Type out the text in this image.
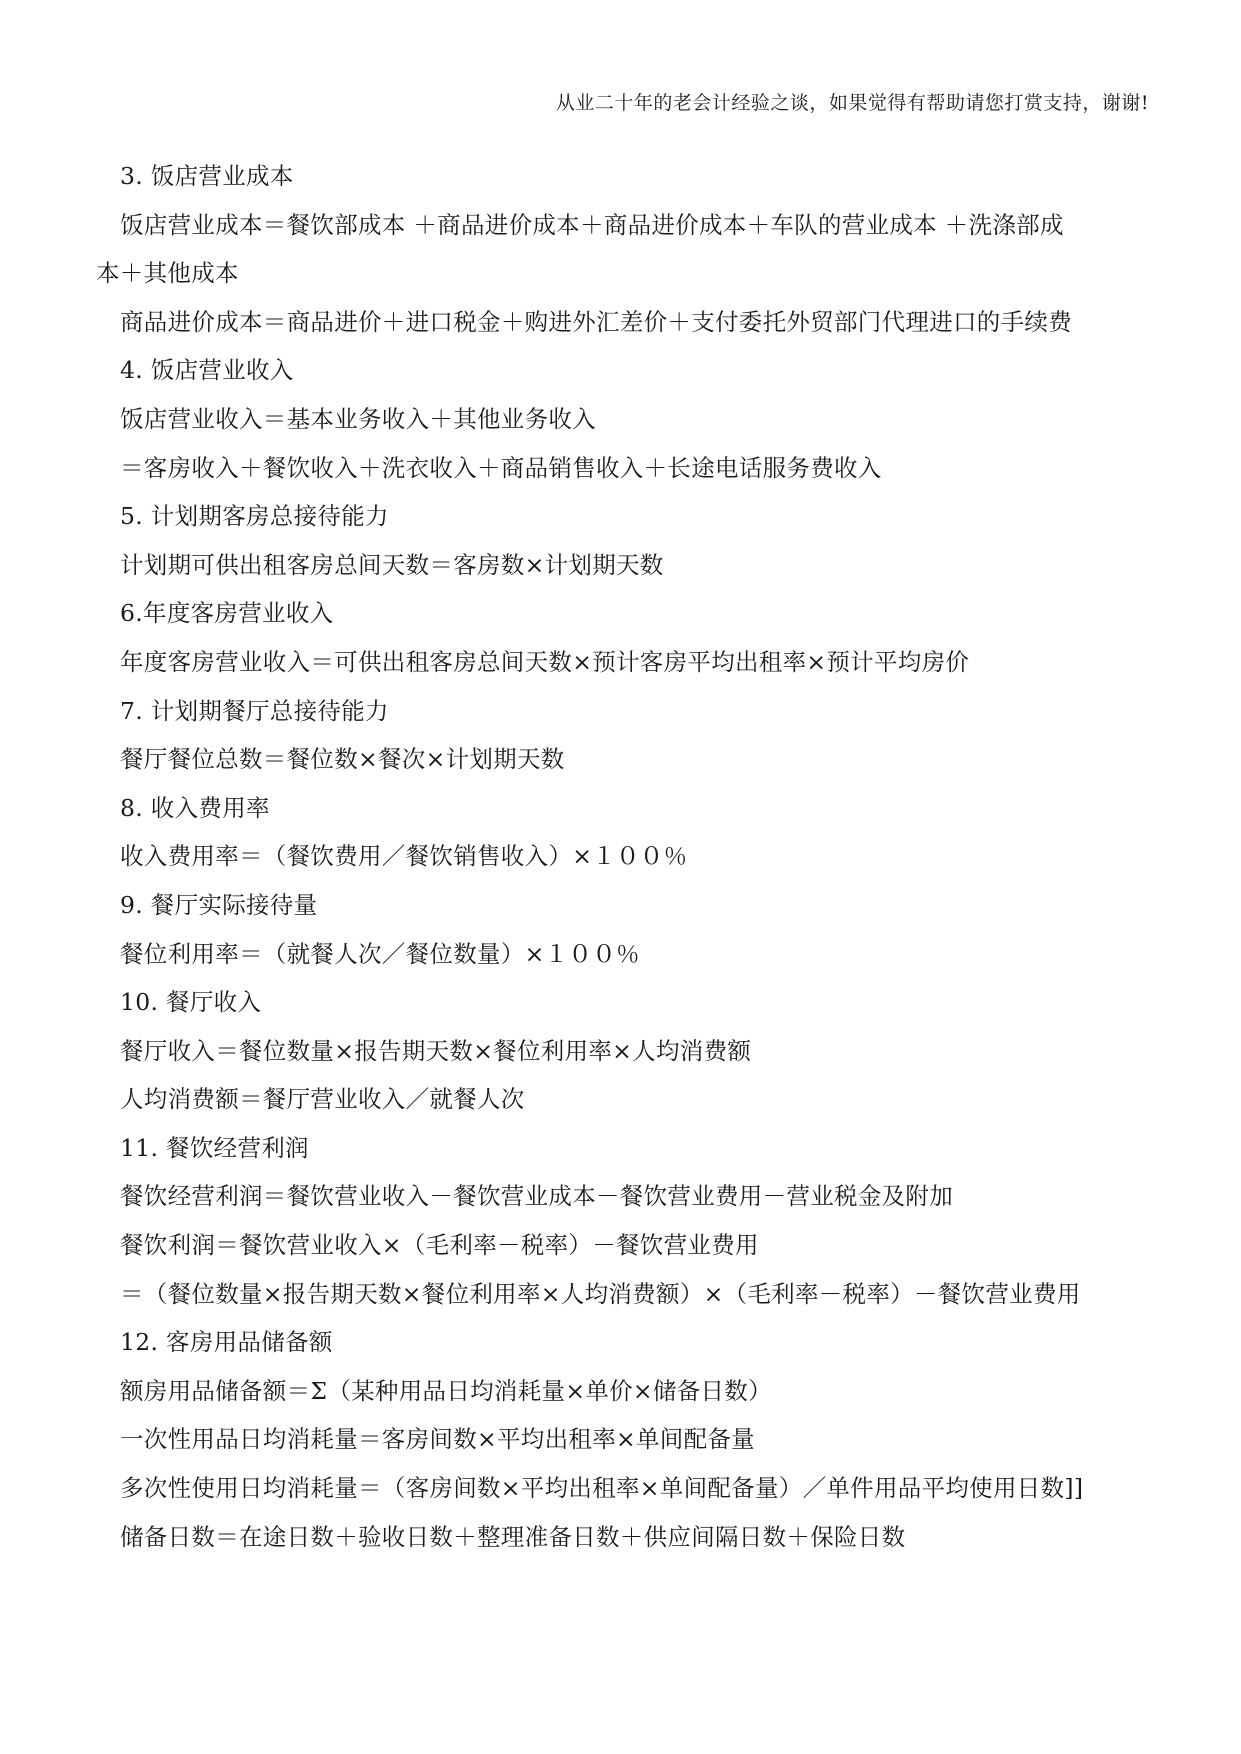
从业二十年的老会计经验之谈，如果觉得有帮助请您打赏支持，谢谢!
3. 饭店营业成本
饭店营业成本＝餐饮部成本 ＋商品进价成本＋商品进价成本＋车队的营业成本 ＋洗涤部成
本＋其他成本
商品进价成本＝商品进价＋进口税金＋购进外汇差价＋支付委托外贸部门代理进口的手续费
4. 饭店营业收入
饭店营业收入＝基本业务收入＋其他业务收入
＝客房收入＋餐饮收入＋洗衣收入＋商品销售收入＋长途电话服务费收入
5. 计划期客房总接待能力
计划期可供出租客房总间天数＝客房数×计划期天数
6.年度客房营业收入
年度客房营业收入＝可供出租客房总间天数×预计客房平均出租率×预计平均房价
7. 计划期餐厅总接待能力
餐厅餐位总数＝餐位数×餐次×计划期天数
8. 收入费用率
收入费用率＝（餐饮费用／餐饮销售收入）×１００％
9. 餐厅实际接待量
餐位利用率＝（就餐人次／餐位数量）×１００％
10. 餐厅收入
餐厅收入＝餐位数量×报告期天数×餐位利用率×人均消费额
人均消费额＝餐厅营业收入／就餐人次
11. 餐饮经营利润
餐饮经营利润＝餐饮营业收入－餐饮营业成本－餐饮营业费用－营业税金及附加
餐饮利润＝餐饮营业收入×（毛利率－税率）－餐饮营业费用
＝（餐位数量×报告期天数×餐位利用率×人均消费额）×（毛利率－税率）－餐饮营业费用
12. 客房用品储备额
额房用品储备额＝Σ（某种用品日均消耗量×单价×储备日数）
一次性用品日均消耗量＝客房间数×平均出租率×单间配备量
多次性使用日均消耗量＝（客房间数×平均出租率×单间配备量）／单件用品平均使用日数]]
储备日数＝在途日数＋验收日数＋整理准备日数＋供应间隔日数＋保险日数
